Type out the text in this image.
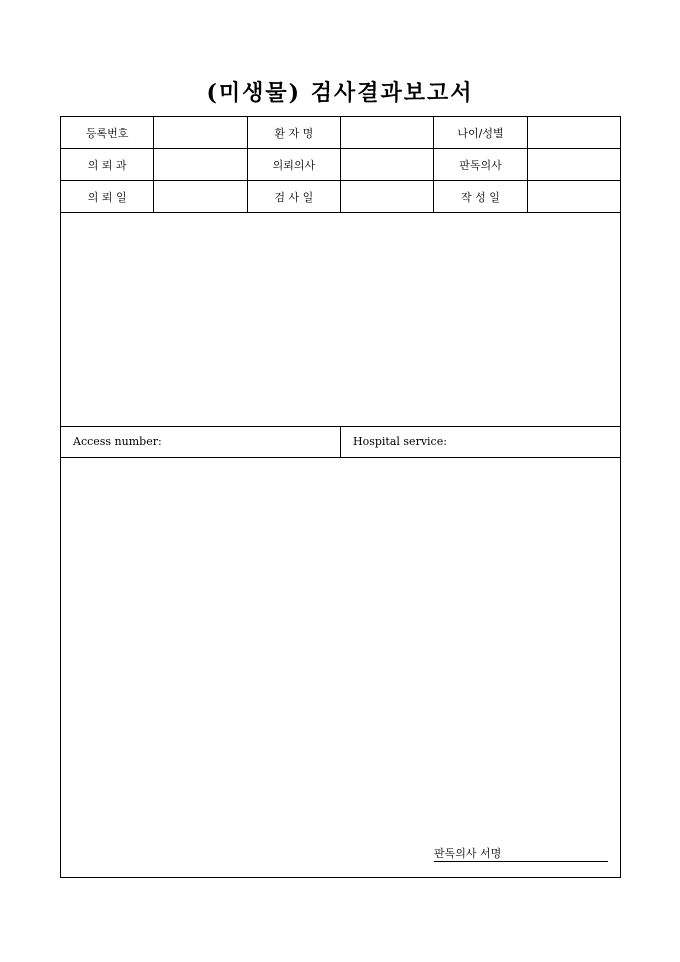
(미생물) 검사결과보고서
등록번호		환 자 명		나이/성별	
의 뢰 과		의뢰의사		판독의사	
의 뢰 일		검 사 일		작 성 일	
Access number:	Hospital service:
판독의사 서명
